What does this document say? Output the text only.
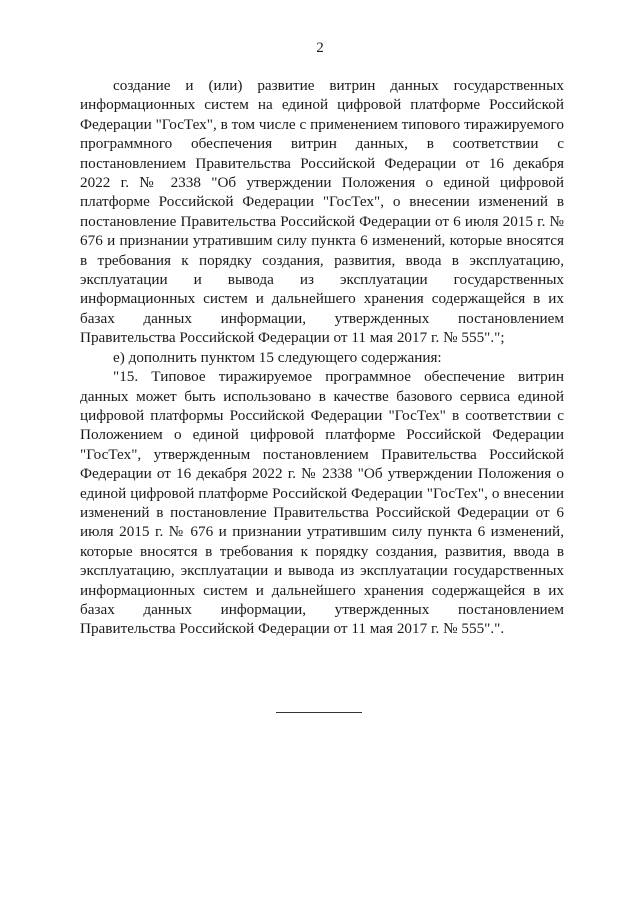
2

создание и (или) развитие витрин данных государственных информационных систем на единой цифровой платформе Российской Федерации "ГосТех", в том числе с применением типового тиражируемого программного обеспечения витрин данных, в соответствии с постановлением Правительства Российской Федерации от 16 декабря 2022 г. № 2338 "Об утверждении Положения о единой цифровой платформе Российской Федерации "ГосТех", о внесении изменений в постановление Правительства Российской Федерации от 6 июля 2015 г. № 676 и признании утратившим силу пункта 6 изменений, которые вносятся в требования к порядку создания, развития, ввода в эксплуатацию, эксплуатации и вывода из эксплуатации государственных информационных систем и дальнейшего хранения содержащейся в их базах данных информации, утвержденных постановлением Правительства Российской Федерации от 11 мая 2017 г. № 555".";

е) дополнить пунктом 15 следующего содержания:

"15. Типовое тиражируемое программное обеспечение витрин данных может быть использовано в качестве базового сервиса единой цифровой платформы Российской Федерации "ГосТех" в соответствии с Положением о единой цифровой платформе Российской Федерации "ГосТех", утвержденным постановлением Правительства Российской Федерации от 16 декабря 2022 г. № 2338 "Об утверждении Положения о единой цифровой платформе Российской Федерации "ГосТех", о внесении изменений в постановление Правительства Российской Федерации от 6 июля 2015 г. № 676 и признании утратившим силу пункта 6 изменений, которые вносятся в требования к порядку создания, развития, ввода в эксплуатацию, эксплуатации и вывода из эксплуатации государственных информационных систем и дальнейшего хранения содержащейся в их базах данных информации, утвержденных постановлением Правительства Российской Федерации от 11 мая 2017 г. № 555".".
